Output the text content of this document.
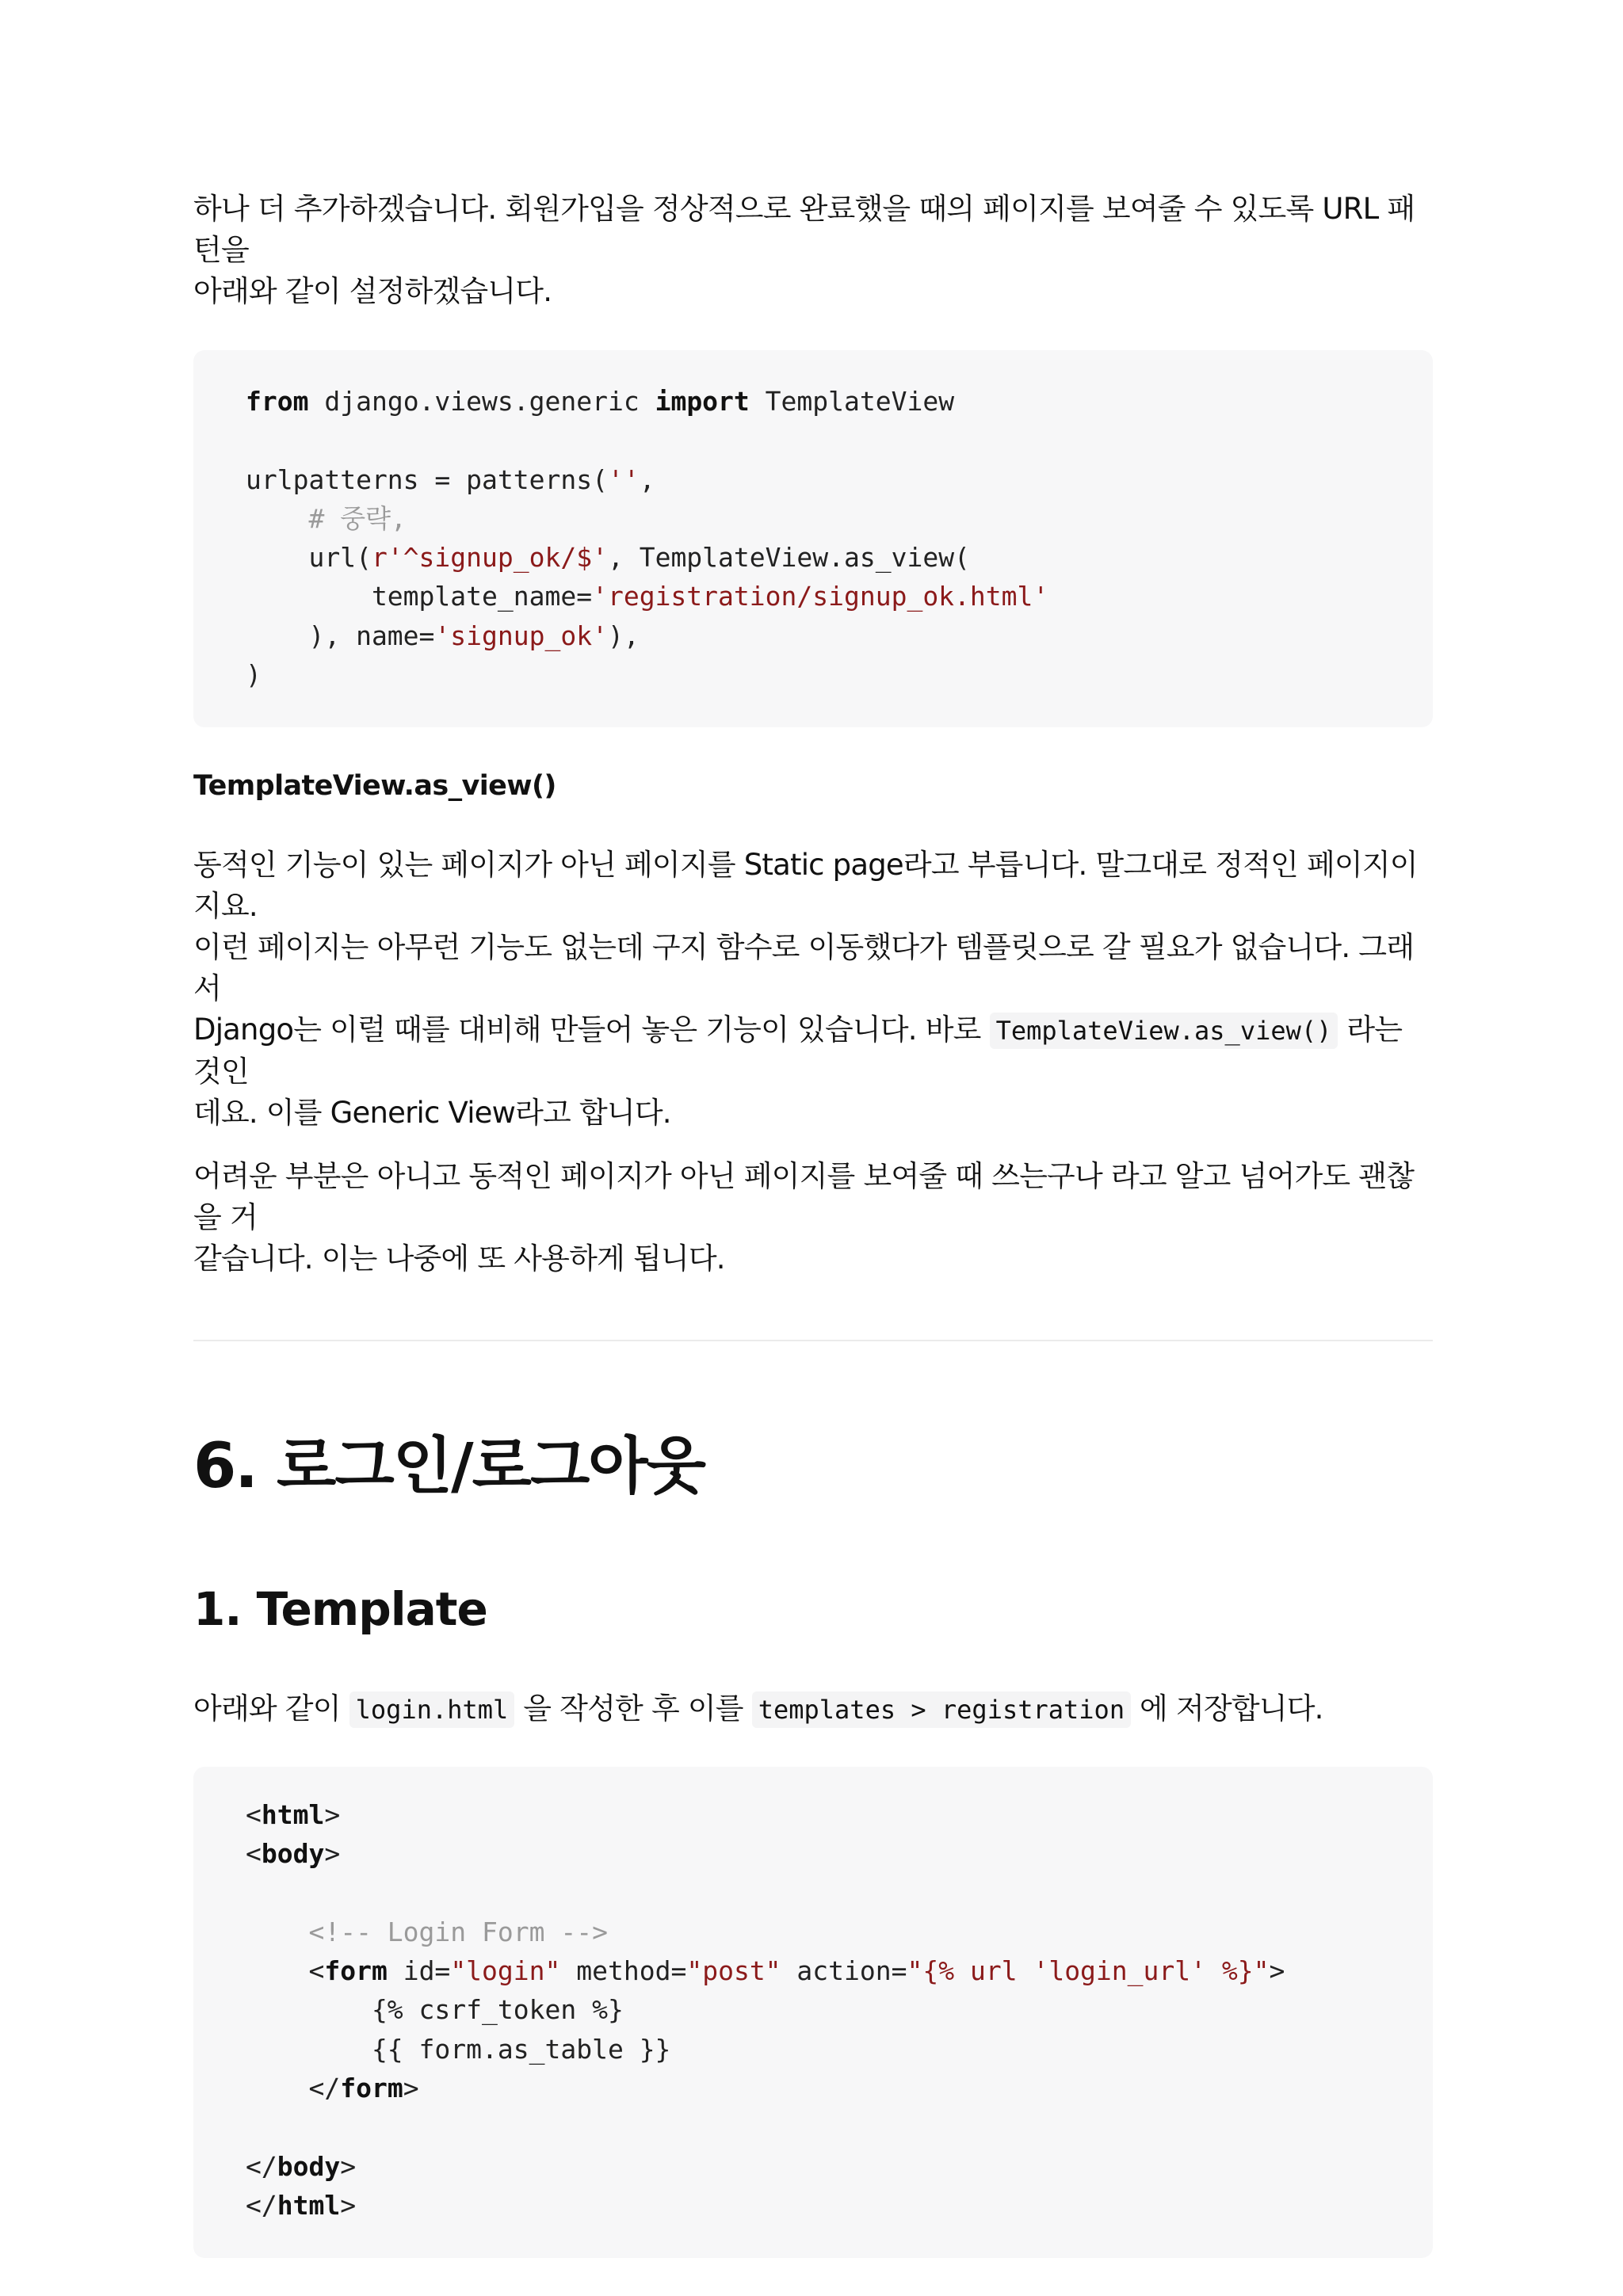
하나 더 추가하겠습니다. 회원가입을 정상적으로 완료했을 때의 페이지를 보여줄 수 있도록 URL 패턴을
아래와 같이 설정하겠습니다.

from django.views.generic import TemplateView

urlpatterns = patterns('',
# 중략,
url(r'^signup_ok/$', TemplateView.as_view(
template_name='registration/signup_ok.html'
), name='signup_ok'),
)

TemplateView.as_view()

동적인 기능이 있는 페이지가 아닌 페이지를 Static page라고 부릅니다. 말그대로 정적인 페이지이지요.
이런 페이지는 아무런 기능도 없는데 구지 함수로 이동했다가 템플릿으로 갈 필요가 없습니다. 그래서
Django는 이럴 때를 대비해 만들어 놓은 기능이 있습니다. 바로 TemplateView.as_view() 라는 것인
데요. 이를 Generic View라고 합니다.

어려운 부분은 아니고 동적인 페이지가 아닌 페이지를 보여줄 때 쓰는구나 라고 알고 넘어가도 괜찮을 거
같습니다. 이는 나중에 또 사용하게 됩니다.

6. 로그인/로그아웃
1. Template

아래와 같이 login.html 을 작성한 후 이를 templates > registration 에 저장합니다.

<html>
<body>

<!-- Login Form -->
<form id="login" method="post" action="{% url 'login_url' %}">
{% csrf_token %}
{{ form.as_table }}
</form>

</body>
</html>
